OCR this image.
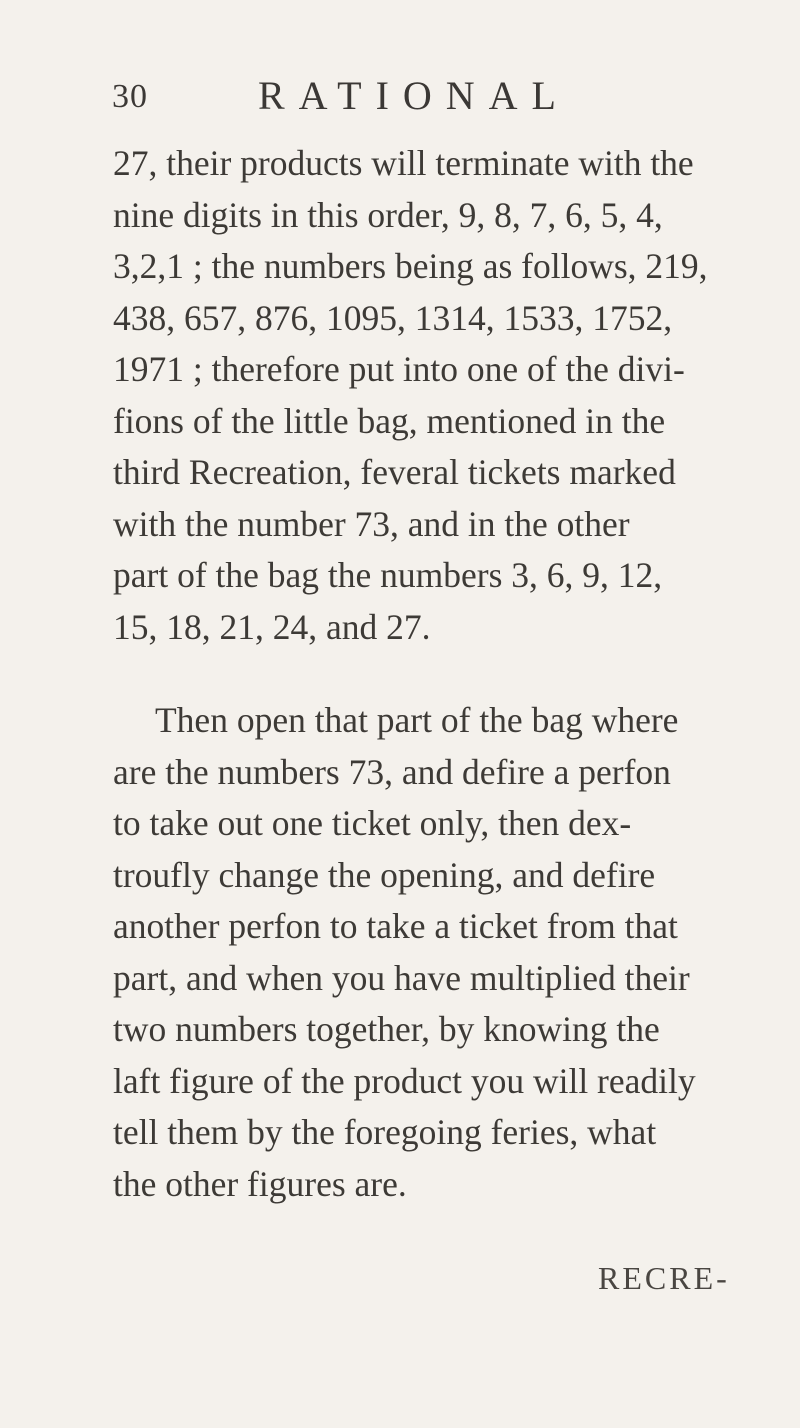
30	RATIONAL
27, their products will terminate with the
nine digits in this order, 9, 8, 7, 6, 5, 4,
3,2,1 ; the numbers being as follows, 219,
438, 657, 876, 1095, 1314, 1533, 1752,
1971 ; therefore put into one of the divi-
fions of the little bag, mentioned in the
third Recreation, feveral tickets marked
with the number 73, and in the other
part of the bag the numbers 3, 6, 9, 12,
15, 18, 21, 24, and 27.
Then open that part of the bag where
are the numbers 73, and defire a perfon
to take out one ticket only, then dex-
troufly change the opening, and defire
another perfon to take a ticket from that
part, and when you have multiplied their
two numbers together, by knowing the
laft figure of the product you will readily
tell them by the foregoing feries, what
the other figures are.
RECRE-
